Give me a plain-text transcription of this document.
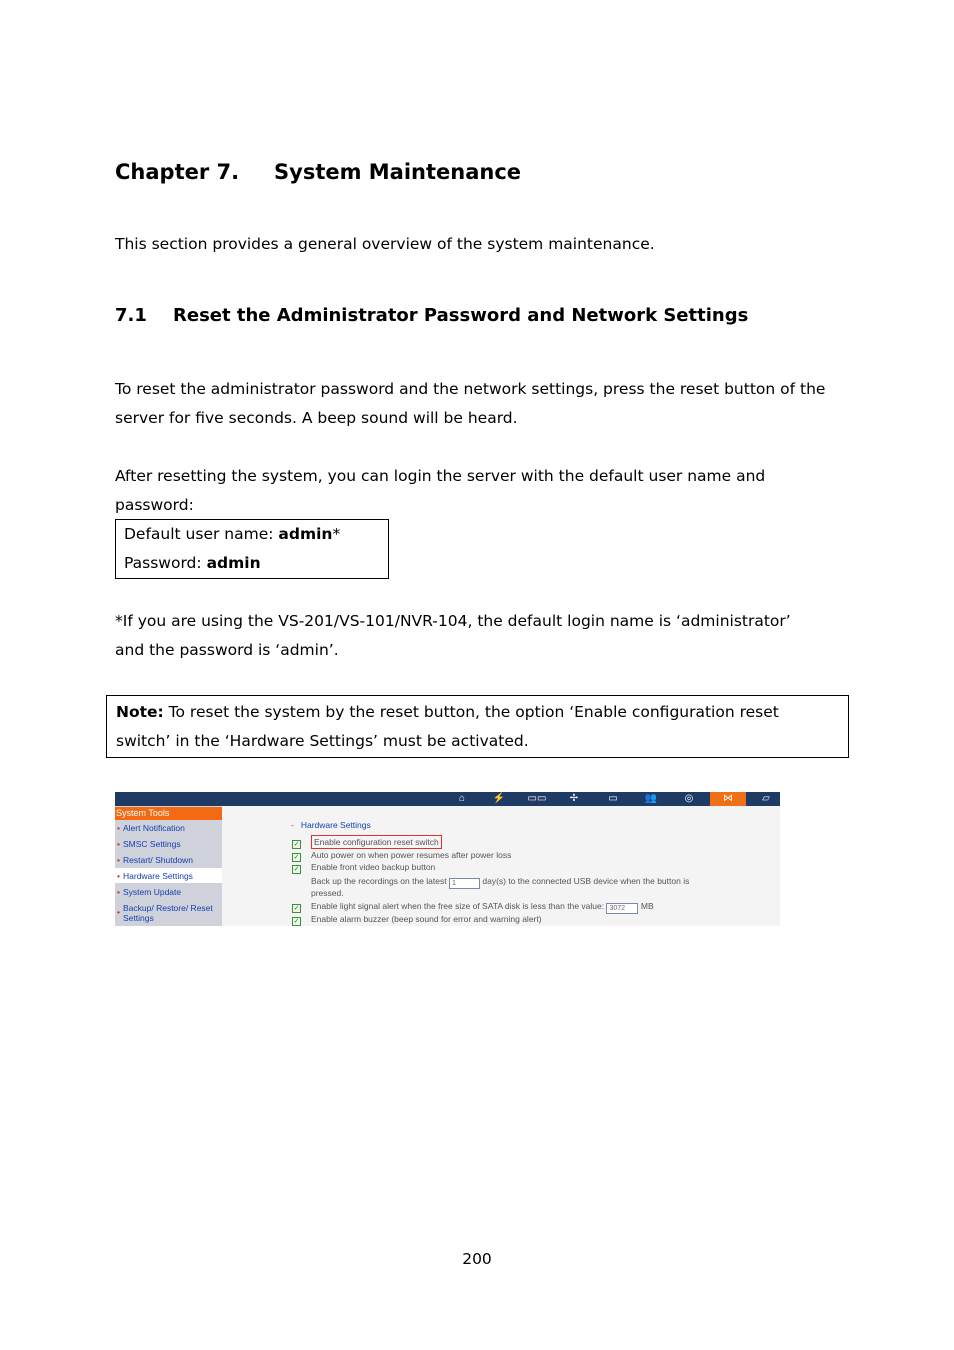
Chapter 7. System Maintenance
This section provides a general overview of the system maintenance.
7.1 Reset the Administrator Password and Network Settings
To reset the administrator password and the network settings, press the reset button of the
server for five seconds. A beep sound will be heard.
After resetting the system, you can login the server with the default user name and
password:
Default user name: admin*
Password: admin
*If you are using the VS-201/VS-101/NVR-104, the default login name is ‘administrator’
and the password is ‘admin’.
Note: To reset the system by the reset button, the option ‘Enable configuration reset
switch’ in the ‘Hardware Settings’ must be activated.
⌂	⚡	▭▭	✢	▭	👥	◎	⋈	▱
System Tools
• Alert Notification
• SMSC Settings
• Restart/ Shutdown
• Hardware Settings
• System Update
• Backup/ Restore/ Reset
Settings
- Hardware Settings
✓ Enable configuration reset switch
✓ Auto power on when power resumes after power loss
✓ Enable front video backup button
Back up the recordings on the latest 1	day(s) to the connected USB device when the button is
pressed.
✓ Enable light signal alert when the free size of SATA disk is less than the value: 3072 MB
✓ Enable alarm buzzer (beep sound for error and warning alert)
200
